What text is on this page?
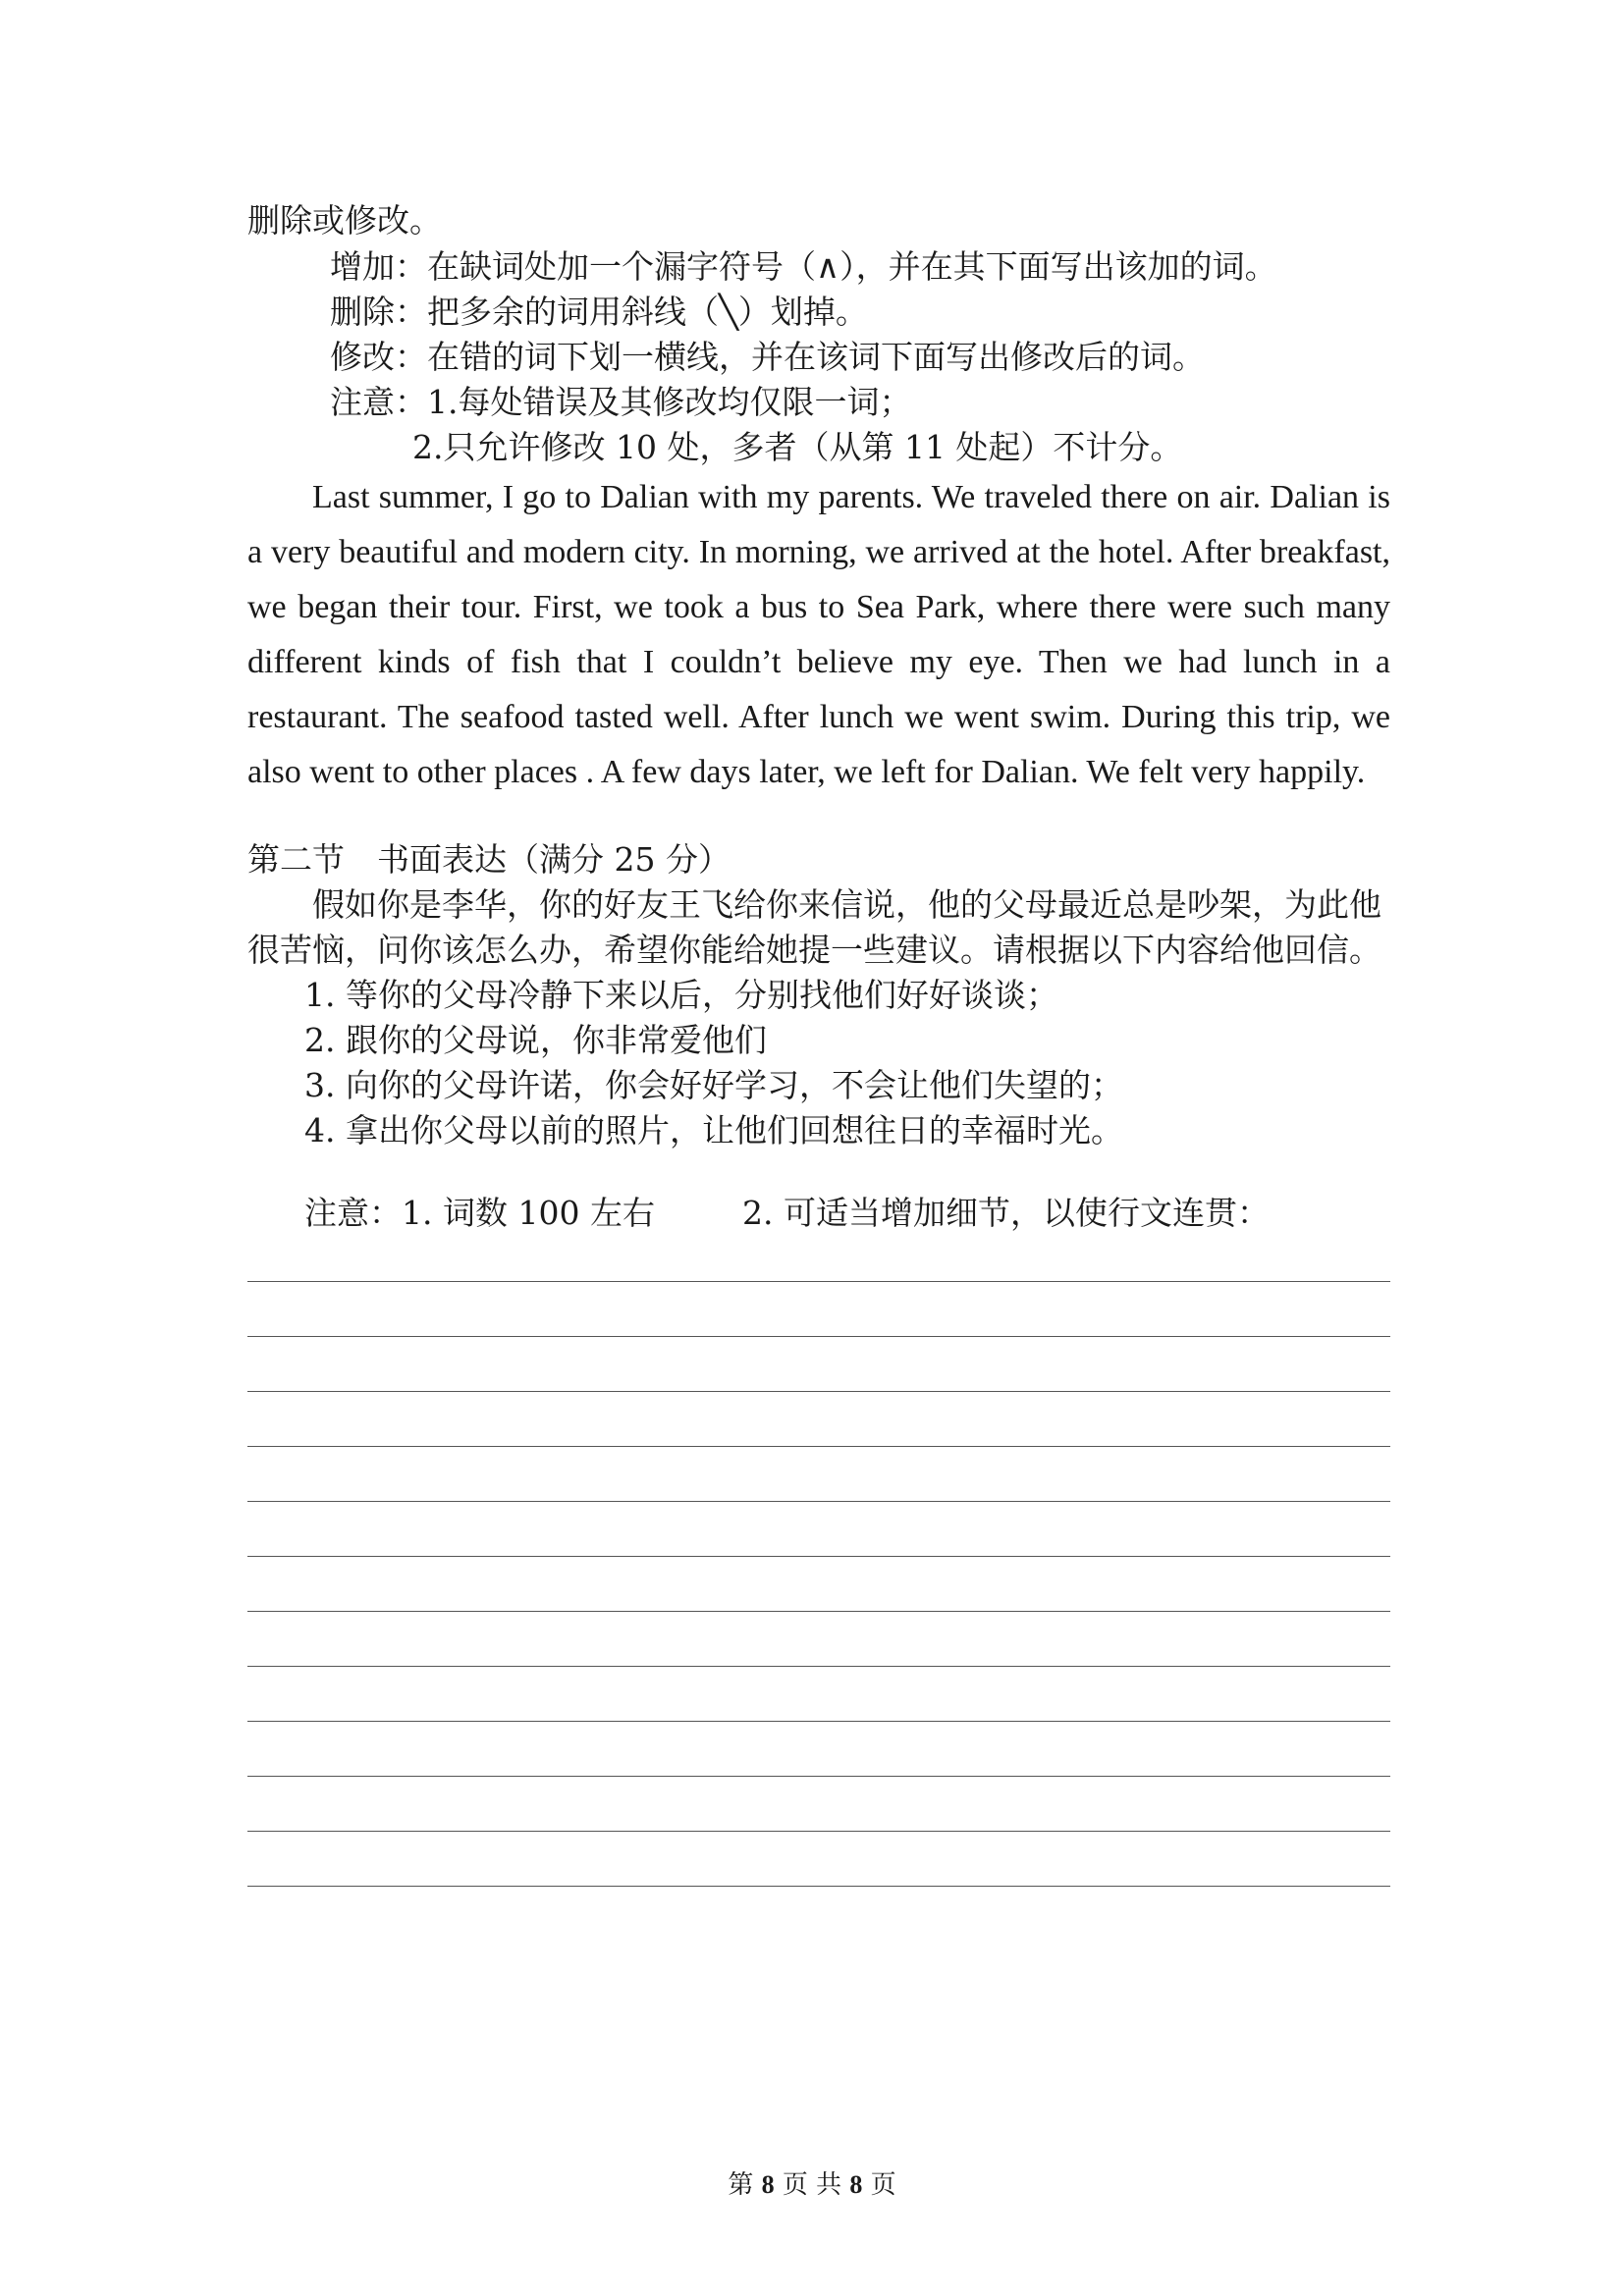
删除或修改。
增加：在缺词处加一个漏字符号（∧），并在其下面写出该加的词。
删除：把多余的词用斜线（╲）划掉。
修改：在错的词下划一横线，并在该词下面写出修改后的词。
注意：1.每处错误及其修改均仅限一词；
2.只允许修改 10 处，多者（从第 11 处起）不计分。
Last summer, I go to Dalian with my parents. We traveled there on air. Dalian is
a very beautiful and modern city. In morning, we arrived at the hotel. After breakfast,
we began their tour. First, we took a bus to Sea Park, where there were such many
different kinds of fish that I couldn’t believe my eye. Then we had lunch in a
restaurant. The seafood tasted well. After lunch we went swim. During this trip, we
also went to other places . A few days later, we left for Dalian. We felt very happily.
第二节　书面表达（满分 25 分）
假如你是李华，你的好友王飞给你来信说，他的父母最近总是吵架，为此他
很苦恼，问你该怎么办，希望你能给她提一些建议。请根据以下内容给他回信。
1. 等你的父母冷静下来以后，分别找他们好好谈谈；
2. 跟你的父母说，你非常爱他们
3. 向你的父母许诺，你会好好学习，不会让他们失望的；
4. 拿出你父母以前的照片，让他们回想往日的幸福时光。
注意：1. 词数 100 左右	2. 可适当增加细节，以使行文连贯：
第 8 页 共 8 页
